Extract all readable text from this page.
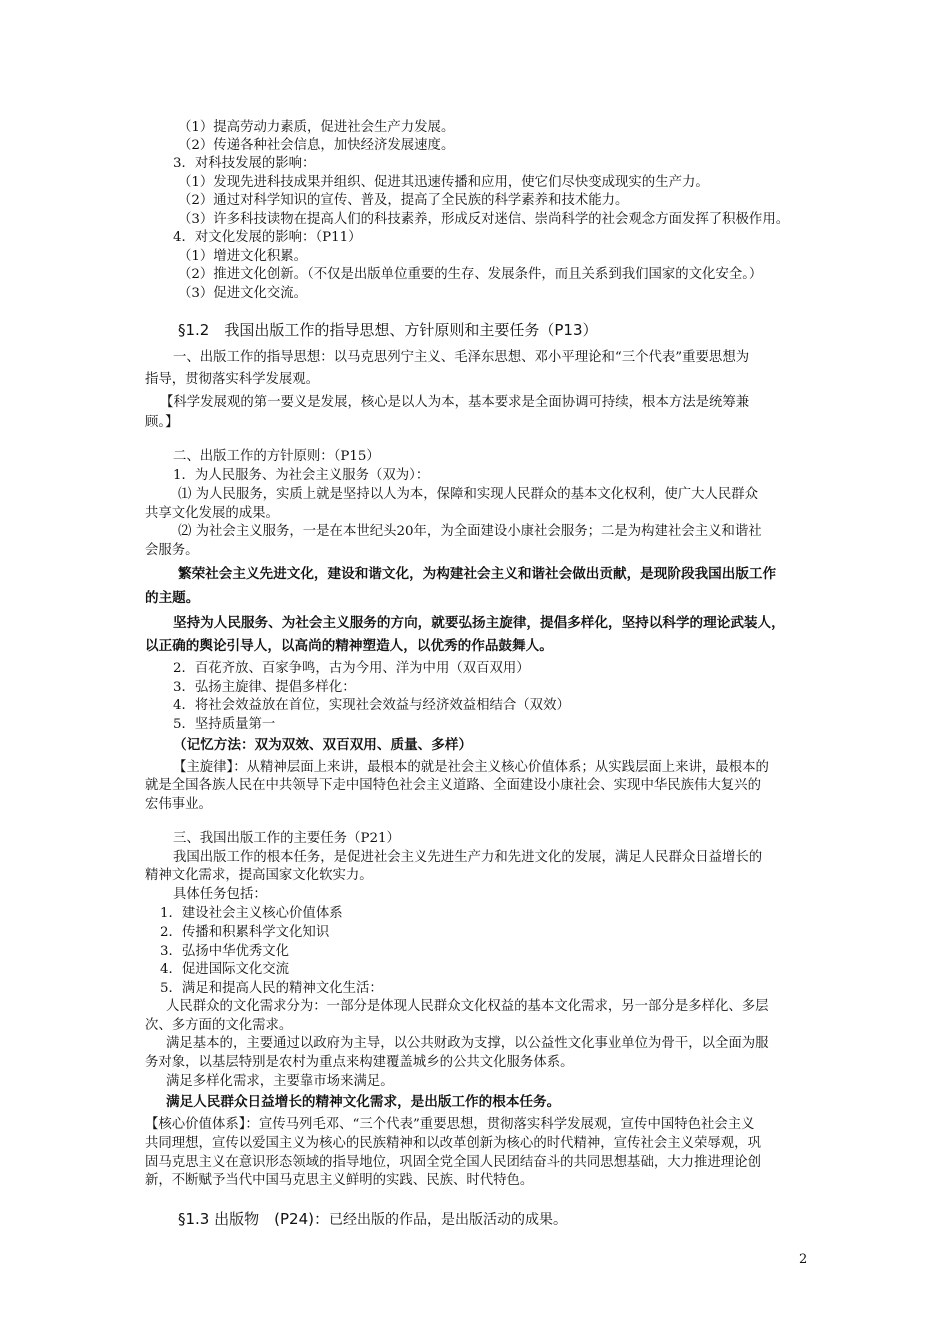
（1）提高劳动力素质，促进社会生产力发展。
（2）传递各种社会信息，加快经济发展速度。
3．对科技发展的影响：
（1）发现先进科技成果并组织、促进其迅速传播和应用，使它们尽快变成现实的生产力。
（2）通过对科学知识的宣传、普及，提高了全民族的科学素养和技术能力。
（3）许多科技读物在提高人们的科技素养，形成反对迷信、崇尚科学的社会观念方面发挥了积极作用。
4．对文化发展的影响：（P11）
（1）增进文化积累。
（2）推进文化创新。（不仅是出版单位重要的生存、发展条件，而且关系到我们国家的文化安全。）
（3）促进文化交流。
§1.2　我国出版工作的指导思想、方针原则和主要任务（P13）
一、出版工作的指导思想：以马克思列宁主义、毛泽东思想、邓小平理论和“三个代表”重要思想为
指导，贯彻落实科学发展观。
【科学发展观的第一要义是发展，核心是以人为本，基本要求是全面协调可持续，根本方法是统筹兼
顾。】
二、出版工作的方针原则：（P15）
1．为人民服务、为社会主义服务（双为）：
⑴ 为人民服务，实质上就是坚持以人为本，保障和实现人民群众的基本文化权利，使广大人民群众
共享文化发展的成果。
⑵ 为社会主义服务，一是在本世纪头20年，为全面建设小康社会服务；二是为构建社会主义和谐社
会服务。
繁荣社会主义先进文化，建设和谐文化，为构建社会主义和谐社会做出贡献，是现阶段我国出版工作
的主题。
坚持为人民服务、为社会主义服务的方向，就要弘扬主旋律，提倡多样化，坚持以科学的理论武装人，
以正确的舆论引导人，以高尚的精神塑造人，以优秀的作品鼓舞人。
2．百花齐放、百家争鸣，古为今用、洋为中用（双百双用）
3．弘扬主旋律、提倡多样化：
4．将社会效益放在首位，实现社会效益与经济效益相结合（双效）
5．坚持质量第一
（记忆方法：双为双效、双百双用、质量、多样）
【主旋律】：从精神层面上来讲，最根本的就是社会主义核心价值体系；从实践层面上来讲，最根本的
就是全国各族人民在中共领导下走中国特色社会主义道路、全面建设小康社会、实现中华民族伟大复兴的
宏伟事业。
三、我国出版工作的主要任务（P21）
我国出版工作的根本任务，是促进社会主义先进生产力和先进文化的发展，满足人民群众日益增长的
精神文化需求，提高国家文化软实力。
具体任务包括：
1．建设社会主义核心价值体系
2．传播和积累科学文化知识
3．弘扬中华优秀文化
4．促进国际文化交流
5．满足和提高人民的精神文化生活：
人民群众的文化需求分为：一部分是体现人民群众文化权益的基本文化需求，另一部分是多样化、多层
次、多方面的文化需求。
满足基本的，主要通过以政府为主导，以公共财政为支撑，以公益性文化事业单位为骨干，以全面为服
务对象，以基层特别是农村为重点来构建覆盖城乡的公共文化服务体系。
满足多样化需求，主要靠市场来满足。
满足人民群众日益增长的精神文化需求，是出版工作的根本任务。
【核心价值体系】：宣传马列毛邓、“三个代表”重要思想，贯彻落实科学发展观，宣传中国特色社会主义
共同理想，宣传以爱国主义为核心的民族精神和以改革创新为核心的时代精神，宣传社会主义荣辱观，巩
固马克思主义在意识形态领域的指导地位，巩固全党全国人民团结奋斗的共同思想基础，大力推进理论创
新，不断赋予当代中国马克思主义鲜明的实践、民族、时代特色。
§1.3 出版物　(P24)：已经出版的作品，是出版活动的成果。
2
